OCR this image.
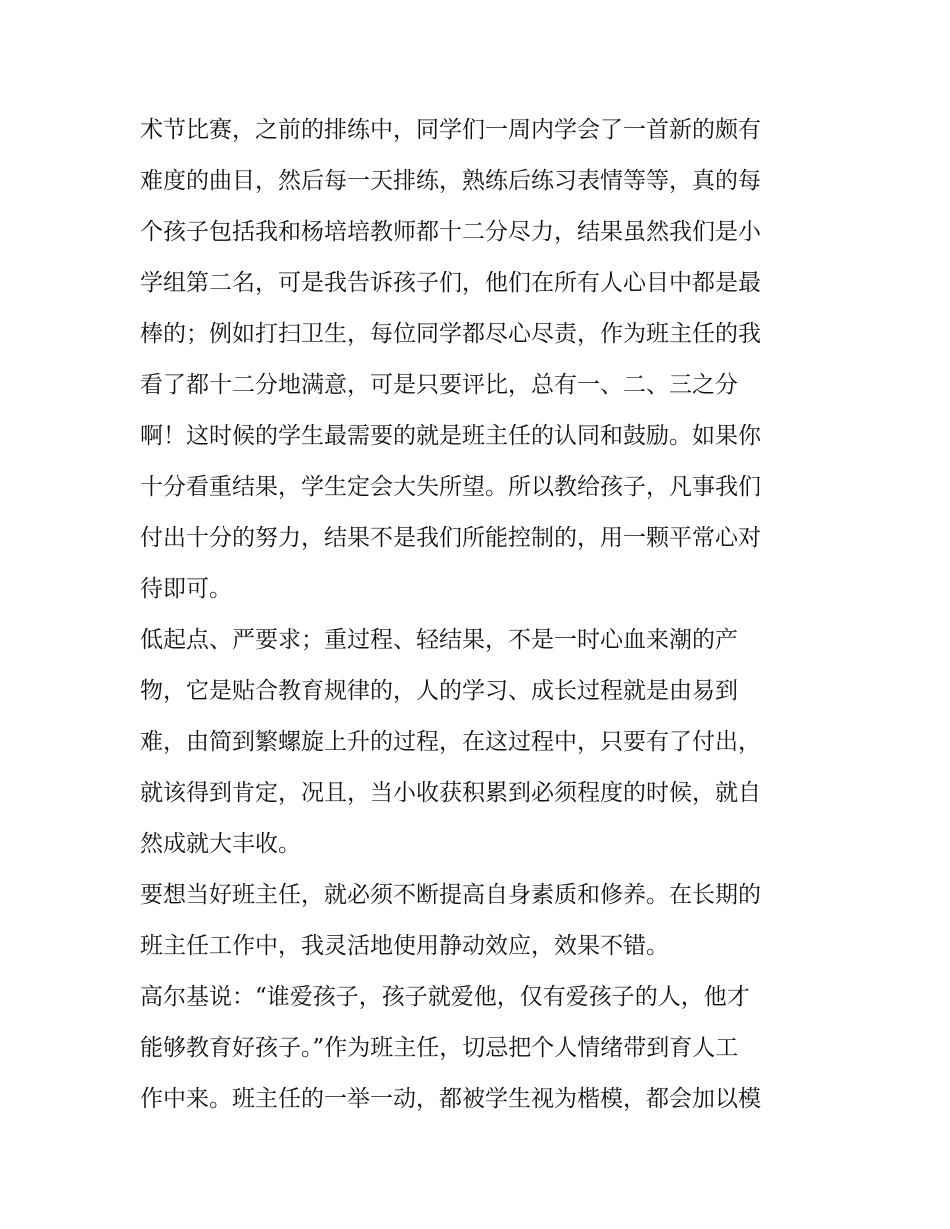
术节比赛，之前的排练中，同学们一周内学会了一首新的颇有
难度的曲目，然后每一天排练，熟练后练习表情等等，真的每
个孩子包括我和杨培培教师都十二分尽力，结果虽然我们是小
学组第二名，可是我告诉孩子们，他们在所有人心目中都是最
棒的；例如打扫卫生，每位同学都尽心尽责，作为班主任的我
看了都十二分地满意，可是只要评比，总有一、二、三之分
啊！这时候的学生最需要的就是班主任的认同和鼓励。如果你
十分看重结果，学生定会大失所望。所以教给孩子，凡事我们
付出十分的努力，结果不是我们所能控制的，用一颗平常心对
待即可。
低起点、严要求；重过程、轻结果，不是一时心血来潮的产
物，它是贴合教育规律的，人的学习、成长过程就是由易到
难，由简到繁螺旋上升的过程，在这过程中，只要有了付出，
就该得到肯定，况且，当小收获积累到必须程度的时候，就自
然成就大丰收。
要想当好班主任，就必须不断提高自身素质和修养。在长期的
班主任工作中，我灵活地使用静动效应，效果不错。
高尔基说：“谁爱孩子，孩子就爱他，仅有爱孩子的人，他才
能够教育好孩子。”作为班主任，切忌把个人情绪带到育人工
作中来。班主任的一举一动，都被学生视为楷模，都会加以模
